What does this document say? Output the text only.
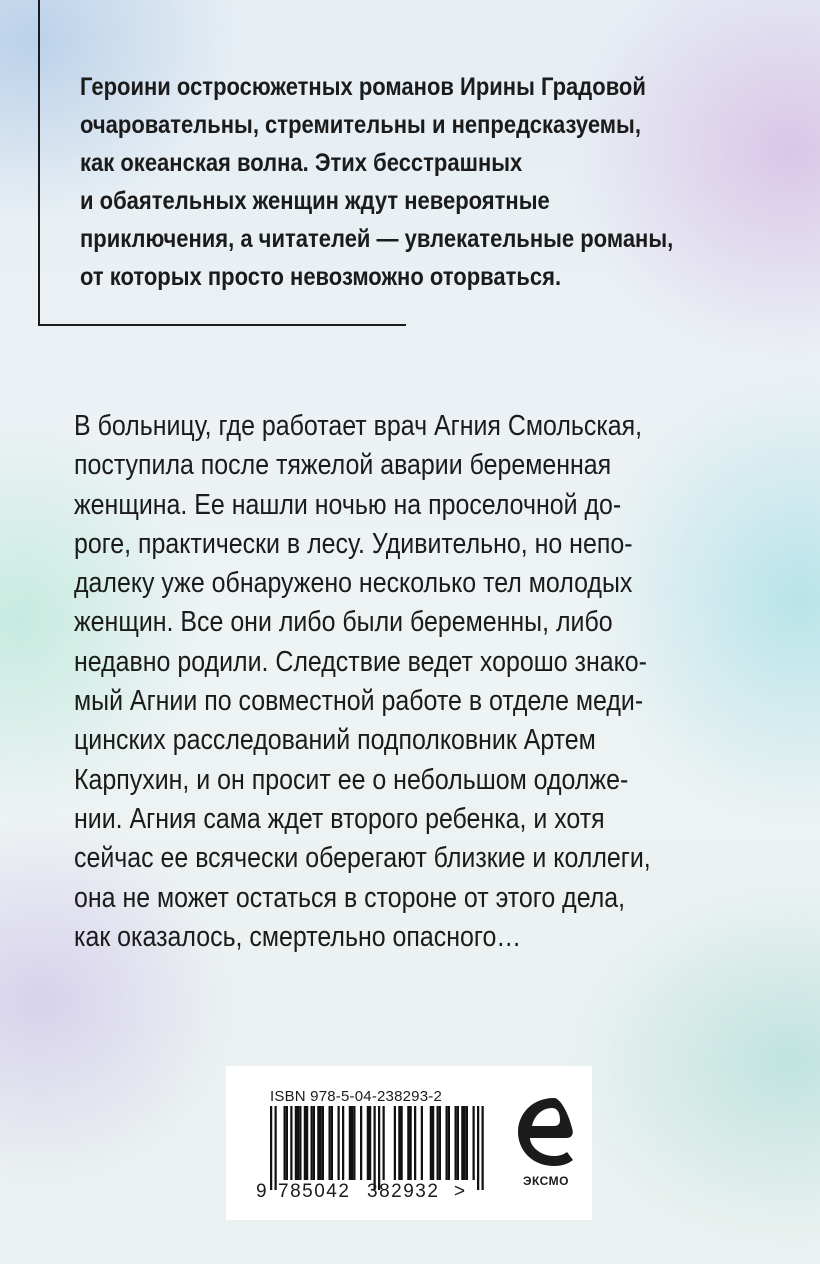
Героини остросюжетных романов Ирины Градовой
очаровательны, стремительны и непредсказуемы,
как океанская волна. Этих бесстрашных
и обаятельных женщин ждут невероятные
приключения, а читателей — увлекательные романы,
от которых просто невозможно оторваться.
В больницу, где работает врач Агния Смольская,
поступила после тяжелой аварии беременная
женщина. Ее нашли ночью на проселочной до-
роге, практически в лесу. Удивительно, но непо-
далеку уже обнаружено несколько тел молодых
женщин. Все они либо были беременны, либо
недавно родили. Следствие ведет хорошо знако-
мый Агнии по совместной работе в отделе меди-
цинских расследований подполковник Артем
Карпухин, и он просит ее о небольшом одолже-
нии. Агния сама ждет второго ребенка, и хотя
сейчас ее всячески оберегают близкие и коллеги,
она не может остаться в стороне от этого дела,
как оказалось, смертельно опасного…
ISBN 978-5-04-238293-2
9 785042 382932 >	ЭКСМО
